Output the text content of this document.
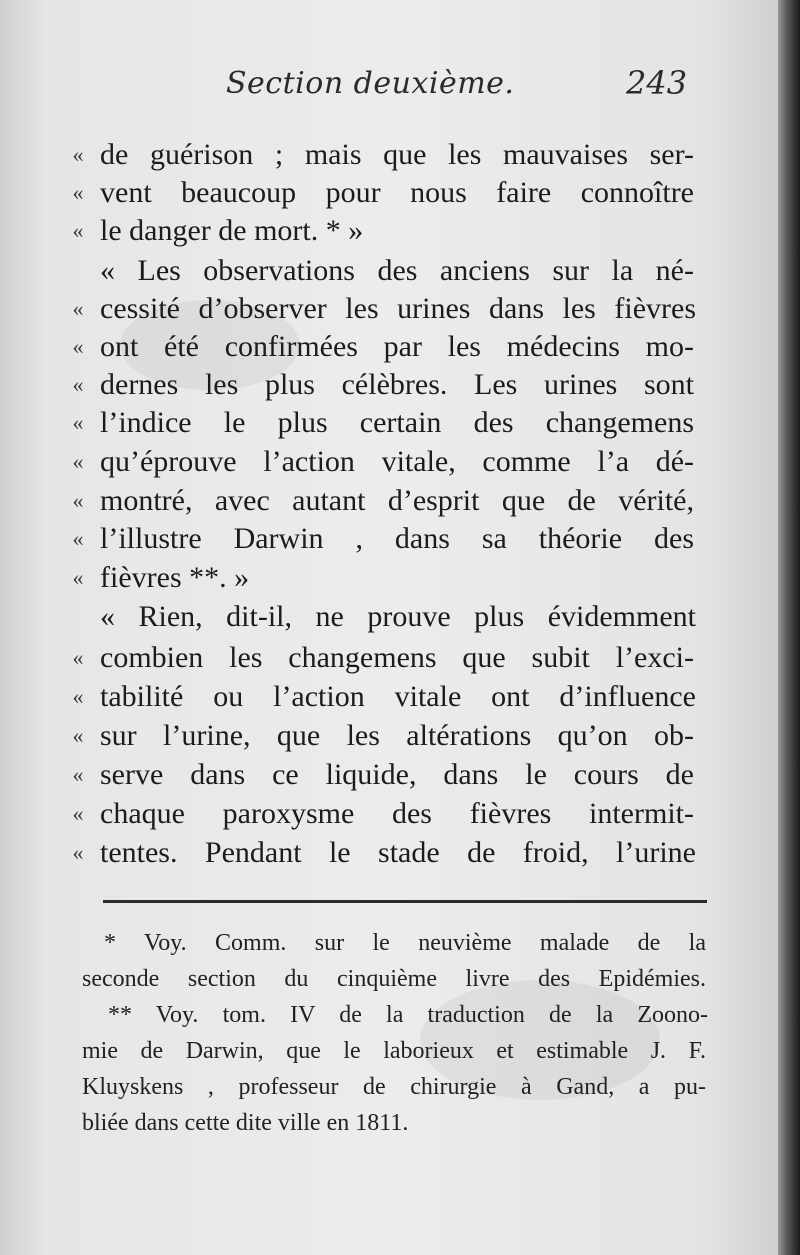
Section deuxième.	243
« de guérison ; mais que les mauvaises ser-
« vent beaucoup pour nous faire connoître
« le danger de mort. * »
« Les observations des anciens sur la né-
« cessité d’observer les urines dans les fièvres
« ont été confirmées par les médecins mo-
« dernes les plus célèbres. Les urines sont
« l’indice le plus certain des changemens
« qu’éprouve l’action vitale, comme l’a dé-
« montré, avec autant d’esprit que de vérité,
« l’illustre Darwin , dans sa théorie des
« fièvres **. »
« Rien, dit-il, ne prouve plus évidemment
« combien les changemens que subit l’exci-
« tabilité ou l’action vitale ont d’influence
« sur l’urine, que les altérations qu’on ob-
« serve dans ce liquide, dans le cours de
« chaque paroxysme des fièvres intermit-
« tentes. Pendant le stade de froid, l’urine
* Voy. Comm. sur le neuvième malade de la
seconde section du cinquième livre des Epidémies.
** Voy. tom. IV de la traduction de la Zoono-
mie de Darwin, que le laborieux et estimable J. F.
Kluyskens , professeur de chirurgie à Gand, a pu-
bliée dans cette dite ville en 1811.
